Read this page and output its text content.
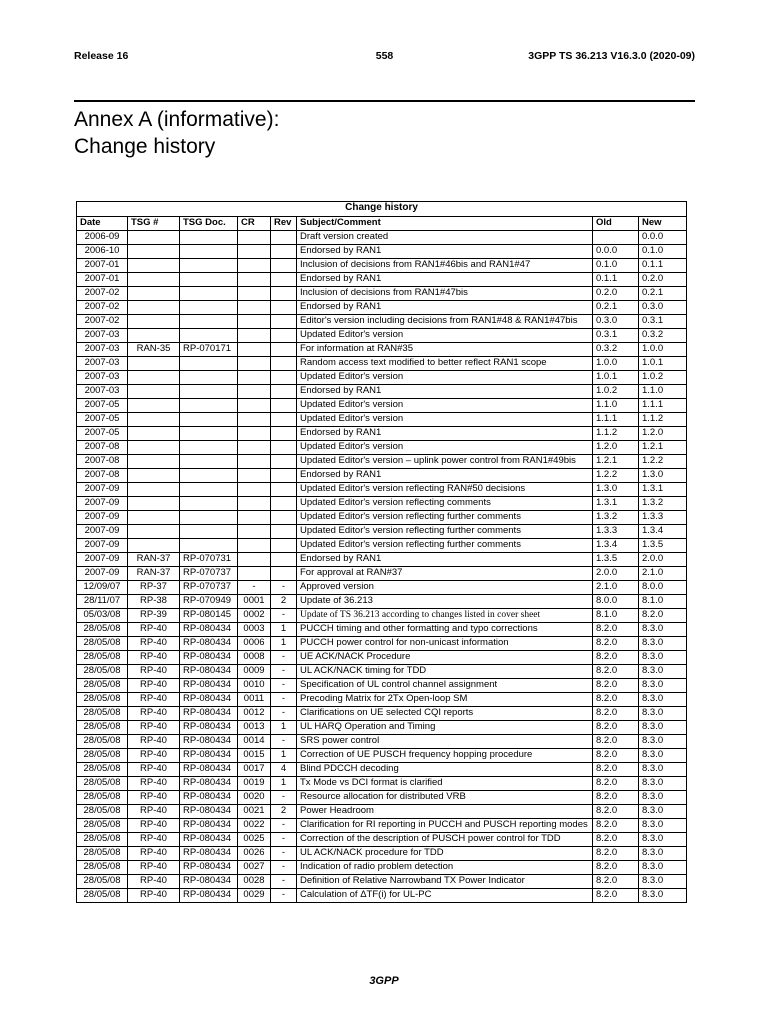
Release 16	558	3GPP TS 36.213 V16.3.0 (2020-09)
Annex A (informative):
Change history
Change history							
Date	TSG #	TSG Doc.	CR	Rev	Subject/Comment	Old	New
2006-09					Draft version created		0.0.0
2006-10					Endorsed by RAN1	0.0.0	0.1.0
2007-01					Inclusion of decisions from RAN1#46bis and RAN1#47	0.1.0	0.1.1
2007-01					Endorsed by RAN1	0.1.1	0.2.0
2007-02					Inclusion of decisions from RAN1#47bis	0.2.0	0.2.1
2007-02					Endorsed by RAN1	0.2.1	0.3.0
2007-02					Editor's version including decisions from RAN1#48 & RAN1#47bis	0.3.0	0.3.1
2007-03					Updated Editor's version	0.3.1	0.3.2
2007-03	RAN-35	RP-070171			For information at RAN#35	0.3.2	1.0.0
2007-03					Random access text modified to better reflect RAN1 scope	1.0.0	1.0.1
2007-03					Updated Editor's version	1.0.1	1.0.2
2007-03					Endorsed by RAN1	1.0.2	1.1.0
2007-05					Updated Editor's version	1.1.0	1.1.1
2007-05					Updated Editor's version	1.1.1	1.1.2
2007-05					Endorsed by RAN1	1.1.2	1.2.0
2007-08					Updated Editor's version	1.2.0	1.2.1
2007-08					Updated Editor's version – uplink power control from RAN1#49bis	1.2.1	1.2.2
2007-08					Endorsed by RAN1	1.2.2	1.3.0
2007-09					Updated Editor's version reflecting RAN#50 decisions	1.3.0	1.3.1
2007-09					Updated Editor's version reflecting comments	1.3.1	1.3.2
2007-09					Updated Editor's version reflecting further comments	1.3.2	1.3.3
2007-09					Updated Editor's version reflecting further comments	1.3.3	1.3.4
2007-09					Updated Editor's version reflecting further comments	1.3.4	1.3.5
2007-09	RAN-37	RP-070731			Endorsed by RAN1	1.3.5	2.0.0
2007-09	RAN-37	RP-070737			For approval at RAN#37	2.0.0	2.1.0
12/09/07	RP-37	RP-070737	-	-	Approved version	2.1.0	8.0.0
28/11/07	RP-38	RP-070949	0001	2	Update of 36.213	8.0.0	8.1.0
05/03/08	RP-39	RP-080145	0002	-	Update of TS 36.213 according to changes listed in cover sheet	8.1.0	8.2.0
28/05/08	RP-40	RP-080434	0003	1	PUCCH timing and other formatting and typo corrections	8.2.0	8.3.0
28/05/08	RP-40	RP-080434	0006	1	PUCCH power control for non-unicast information	8.2.0	8.3.0
28/05/08	RP-40	RP-080434	0008	-	UE ACK/NACK Procedure	8.2.0	8.3.0
28/05/08	RP-40	RP-080434	0009	-	UL ACK/NACK timing for TDD	8.2.0	8.3.0
28/05/08	RP-40	RP-080434	0010	-	Specification of UL control channel assignment	8.2.0	8.3.0
28/05/08	RP-40	RP-080434	0011	-	Precoding Matrix for 2Tx Open-loop SM	8.2.0	8.3.0
28/05/08	RP-40	RP-080434	0012	-	Clarifications on UE selected CQI reports	8.2.0	8.3.0
28/05/08	RP-40	RP-080434	0013	1	UL HARQ Operation and Timing	8.2.0	8.3.0
28/05/08	RP-40	RP-080434	0014	-	SRS power control	8.2.0	8.3.0
28/05/08	RP-40	RP-080434	0015	1	Correction of UE PUSCH frequency hopping procedure	8.2.0	8.3.0
28/05/08	RP-40	RP-080434	0017	4	Blind PDCCH decoding	8.2.0	8.3.0
28/05/08	RP-40	RP-080434	0019	1	Tx Mode vs DCI format is clarified	8.2.0	8.3.0
28/05/08	RP-40	RP-080434	0020	-	Resource allocation for distributed VRB	8.2.0	8.3.0
28/05/08	RP-40	RP-080434	0021	2	Power Headroom	8.2.0	8.3.0
28/05/08	RP-40	RP-080434	0022	-	Clarification for RI reporting in PUCCH and PUSCH reporting modes	8.2.0	8.3.0
28/05/08	RP-40	RP-080434	0025	-	Correction of the description of PUSCH power control for TDD	8.2.0	8.3.0
28/05/08	RP-40	RP-080434	0026	-	UL ACK/NACK procedure for TDD	8.2.0	8.3.0
28/05/08	RP-40	RP-080434	0027	-	Indication of radio problem detection	8.2.0	8.3.0
28/05/08	RP-40	RP-080434	0028	-	Definition of Relative Narrowband TX Power Indicator	8.2.0	8.3.0
28/05/08	RP-40	RP-080434	0029	-	Calculation of ΔTF(i) for UL-PC	8.2.0	8.3.0
3GPP
